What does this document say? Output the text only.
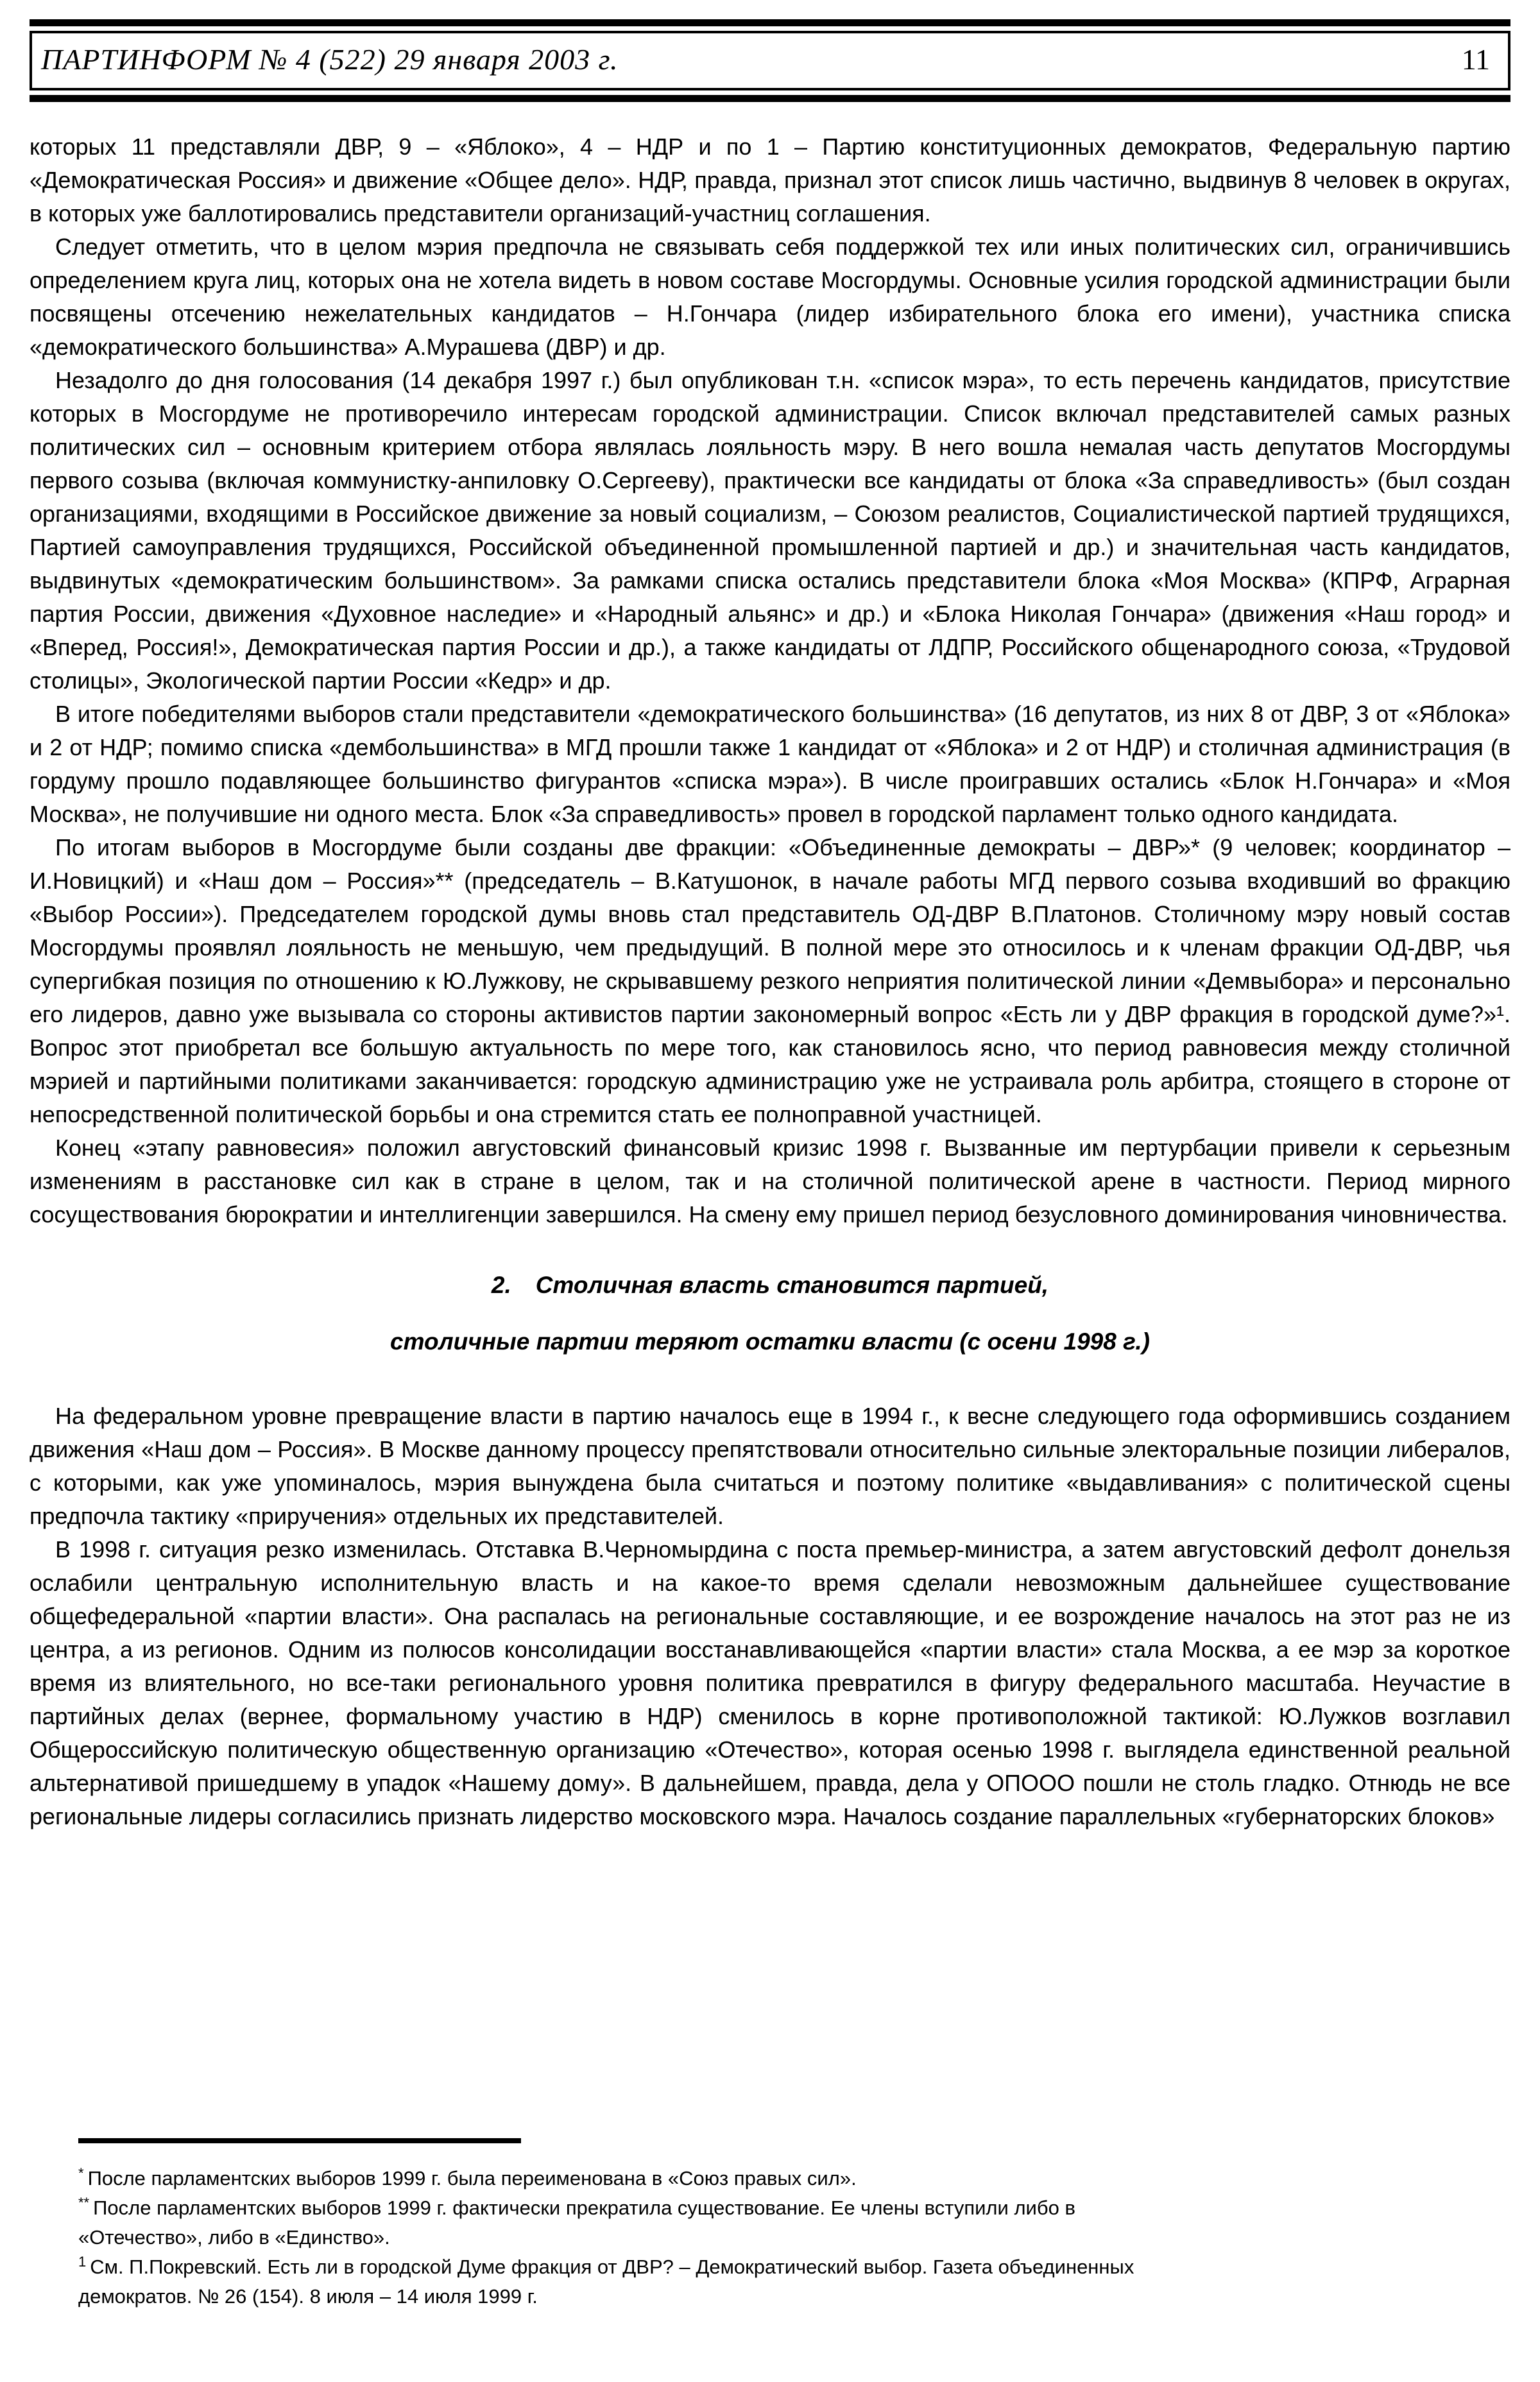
ПАРТИНФОРМ № 4 (522) 29 января 2003 г.	11

которых 11 представляли ДВР, 9 – «Яблоко», 4 – НДР и по 1 – Партию конституционных демократов, Федеральную партию «Демократическая Россия» и движение «Общее дело». НДР, правда, признал этот список лишь частично, выдвинув 8 человек в округах, в которых уже баллотировались представители организаций-участниц соглашения.

Следует отметить, что в целом мэрия предпочла не связывать себя поддержкой тех или иных политических сил, ограничившись определением круга лиц, которых она не хотела видеть в новом составе Мосгордумы. Основные усилия городской администрации были посвящены отсечению нежелательных кандидатов – Н.Гончара (лидер избирательного блока его имени), участника списка «демократического большинства» А.Мурашева (ДВР) и др.

Незадолго до дня голосования (14 декабря 1997 г.) был опубликован т.н. «список мэра», то есть перечень кандидатов, присутствие которых в Мосгордуме не противоречило интересам городской администрации. Список включал представителей самых разных политических сил – основным критерием отбора являлась лояльность мэру. В него вошла немалая часть депутатов Мосгордумы первого созыва (включая коммунистку-анпиловку О.Сергееву), практически все кандидаты от блока «За справедливость» (был создан организациями, входящими в Российское движение за новый социализм, – Союзом реалистов, Социалистической партией трудящихся, Партией самоуправления трудящихся, Российской объединенной промышленной партией и др.) и значительная часть кандидатов, выдвинутых «демократическим большинством». За рамками списка остались представители блока «Моя Москва» (КПРФ, Аграрная партия России, движения «Духовное наследие» и «Народный альянс» и др.) и «Блока Николая Гончара» (движения «Наш город» и «Вперед, Россия!», Демократическая партия России и др.), а также кандидаты от ЛДПР, Российского общенародного союза, «Трудовой столицы», Экологической партии России «Кедр» и др.

В итоге победителями выборов стали представители «демократического большинства» (16 депутатов, из них 8 от ДВР, 3 от «Яблока» и 2 от НДР; помимо списка «дембольшинства» в МГД прошли также 1 кандидат от «Яблока» и 2 от НДР) и столичная администрация (в гордуму прошло подавляющее большинство фигурантов «списка мэра»). В числе проигравших остались «Блок Н.Гончара» и «Моя Москва», не получившие ни одного места. Блок «За справедливость» провел в городской парламент только одного кандидата.

По итогам выборов в Мосгордуме были созданы две фракции: «Объединенные демократы – ДВР»* (9 человек; координатор – И.Новицкий) и «Наш дом – Россия»** (председатель – В.Катушонок, в начале работы МГД первого созыва входивший во фракцию «Выбор России»). Председателем городской думы вновь стал представитель ОД-ДВР В.Платонов. Столичному мэру новый состав Мосгордумы проявлял лояльность не меньшую, чем предыдущий. В полной мере это относилось и к членам фракции ОД-ДВР, чья супергибкая позиция по отношению к Ю.Лужкову, не скрывавшему резкого неприятия политической линии «Демвыбора» и персонально его лидеров, давно уже вызывала со стороны активистов партии закономерный вопрос «Есть ли у ДВР фракция в городской думе?»¹. Вопрос этот приобретал все большую актуальность по мере того, как становилось ясно, что период равновесия между столичной мэрией и партийными политиками заканчивается: городскую администрацию уже не устраивала роль арбитра, стоящего в стороне от непосредственной политической борьбы и она стремится стать ее полноправной участницей.

Конец «этапу равновесия» положил августовский финансовый кризис 1998 г. Вызванные им пертурбации привели к серьезным изменениям в расстановке сил как в стране в целом, так и на столичной политической арене в частности. Период мирного сосуществования бюрократии и интеллигенции завершился. На смену ему пришел период безусловного доминирования чиновничества.

2. Столичная власть становится партией,
столичные партии теряют остатки власти (с осени 1998 г.)

На федеральном уровне превращение власти в партию началось еще в 1994 г., к весне следующего года оформившись созданием движения «Наш дом – Россия». В Москве данному процессу препятствовали относительно сильные электоральные позиции либералов, с которыми, как уже упоминалось, мэрия вынуждена была считаться и поэтому политике «выдавливания» с политической сцены предпочла тактику «приручения» отдельных их представителей.

В 1998 г. ситуация резко изменилась. Отставка В.Черномырдина с поста премьер-министра, а затем августовский дефолт донельзя ослабили центральную исполнительную власть и на какое-то время сделали невозможным дальнейшее существование общефедеральной «партии власти». Она распалась на региональные составляющие, и ее возрождение началось на этот раз не из центра, а из регионов. Одним из полюсов консолидации восстанавливающейся «партии власти» стала Москва, а ее мэр за короткое время из влиятельного, но все-таки регионального уровня политика превратился в фигуру федерального масштаба. Неучастие в партийных делах (вернее, формальному участию в НДР) сменилось в корне противоположной тактикой: Ю.Лужков возглавил Общероссийскую политическую общественную организацию «Отечество», которая осенью 1998 г. выглядела единственной реальной альтернативой пришедшему в упадок «Нашему дому». В дальнейшем, правда, дела у ОПООО пошли не столь гладко. Отнюдь не все региональные лидеры согласились признать лидерство московского мэра. Началось создание параллельных «губернаторских блоков»

* После парламентских выборов 1999 г. была переименована в «Союз правых сил».
** После парламентских выборов 1999 г. фактически прекратила существование. Ее члены вступили либо в
«Отечество», либо в «Единство».
$^1$ См. П.Покревский. Есть ли в городской Думе фракция от ДВР? – Демократический выбор. Газета объединенных
демократов. № 26 (154). 8 июля – 14 июля 1999 г.
